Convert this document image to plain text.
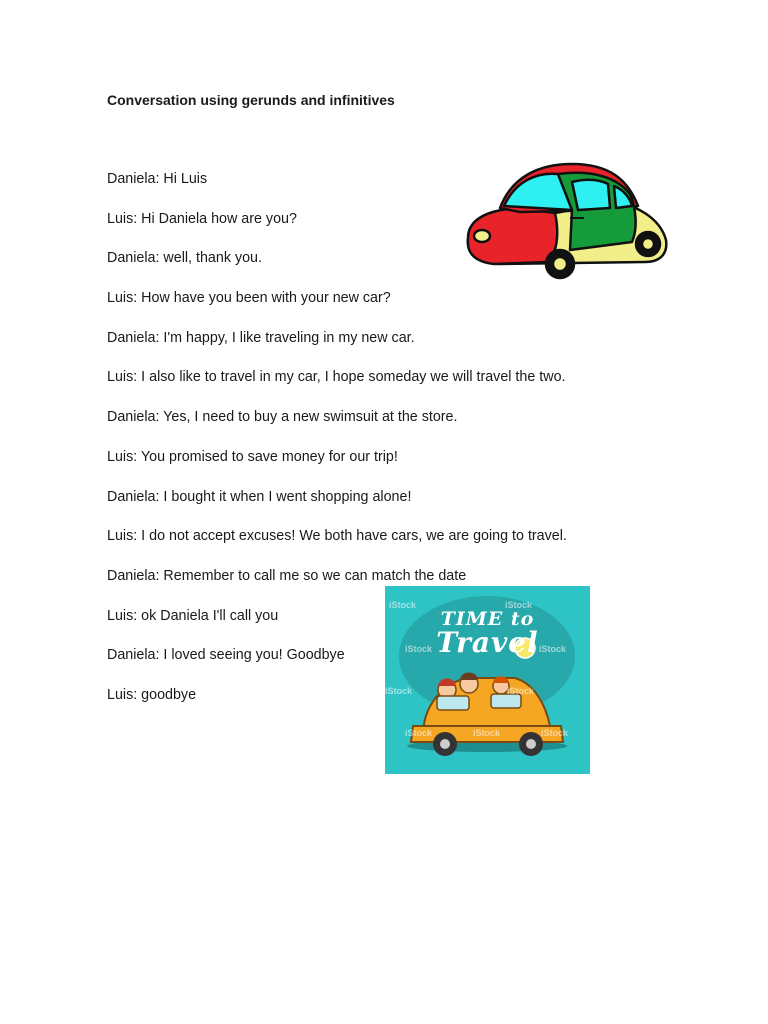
Conversation using gerunds and infinitives
Daniela: Hi Luis
Luis: Hi Daniela how are you?
Daniela: well, thank you.
Luis: How have you been with your new car?
Daniela: I'm happy, I like traveling in my new car.
Luis: I also like to travel in my car, I hope someday we will travel the two.
Daniela: Yes, I need to buy a new swimsuit at the store.
Luis: You promised to save money for our trip!
Daniela: I bought it when I went shopping alone!
Luis: I do not accept excuses! We both have cars, we are going to travel.
Daniela: Remember to call me so we can match the date
Luis: ok Daniela I'll call you
Daniela: I loved seeing you! Goodbye
Luis: goodbye
TIME to
Travel
iStock	iStock
iStock	iStock
iStock	iStock
iStock	iStock	iStock
